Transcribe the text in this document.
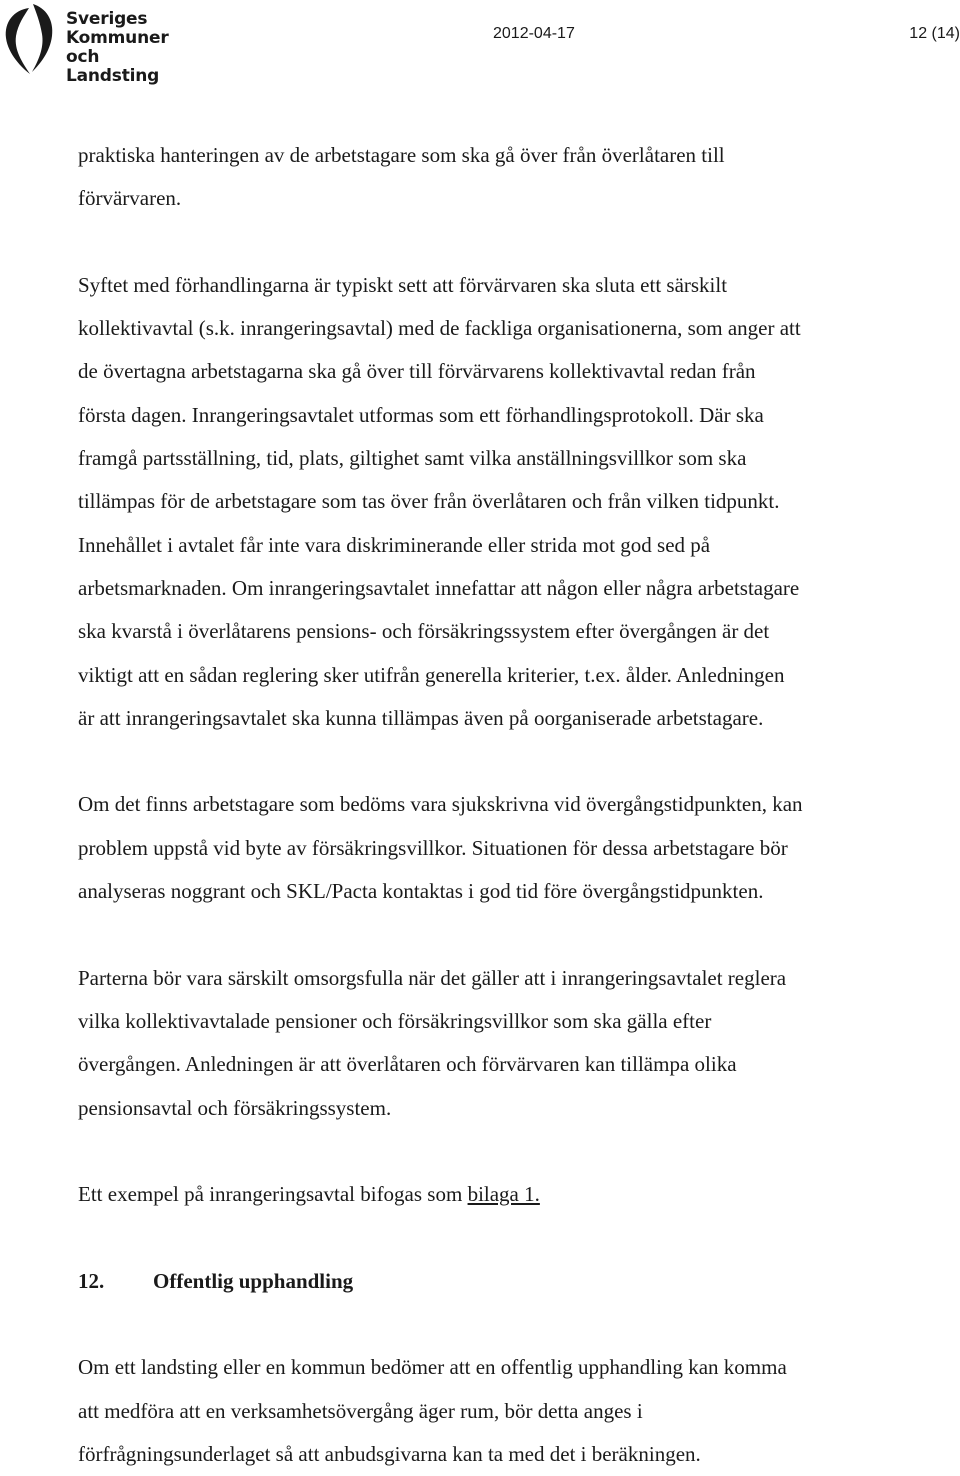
Sveriges
Kommuner
och Landsting
2012-04-17	12 (14)

praktiska hanteringen av de arbetstagare som ska gå över från överlåtaren till
förvärvaren.

Syftet med förhandlingarna är typiskt sett att förvärvaren ska sluta ett särskilt
kollektivavtal (s.k. inrangeringsavtal) med de fackliga organisationerna, som anger att
de övertagna arbetstagarna ska gå över till förvärvarens kollektivavtal redan från
första dagen. Inrangeringsavtalet utformas som ett förhandlingsprotokoll. Där ska
framgå partsställning, tid, plats, giltighet samt vilka anställningsvillkor som ska
tillämpas för de arbetstagare som tas över från överlåtaren och från vilken tidpunkt.
Innehållet i avtalet får inte vara diskriminerande eller strida mot god sed på
arbetsmarknaden. Om inrangeringsavtalet innefattar att någon eller några arbetstagare
ska kvarstå i överlåtarens pensions- och försäkringssystem efter övergången är det
viktigt att en sådan reglering sker utifrån generella kriterier, t.ex. ålder. Anledningen
är att inrangeringsavtalet ska kunna tillämpas även på oorganiserade arbetstagare.

Om det finns arbetstagare som bedöms vara sjukskrivna vid övergångstidpunkten, kan
problem uppstå vid byte av försäkringsvillkor. Situationen för dessa arbetstagare bör
analyseras noggrant och SKL/Pacta kontaktas i god tid före övergångstidpunkten.

Parterna bör vara särskilt omsorgsfulla när det gäller att i inrangeringsavtalet reglera
vilka kollektivavtalade pensioner och försäkringsvillkor som ska gälla efter
övergången. Anledningen är att överlåtaren och förvärvaren kan tillämpa olika
pensionsavtal och försäkringssystem.

Ett exempel på inrangeringsavtal bifogas som bilaga 1.

12. Offentlig upphandling

Om ett landsting eller en kommun bedömer att en offentlig upphandling kan komma
att medföra att en verksamhetsövergång äger rum, bör detta anges i
förfrågningsunderlaget så att anbudsgivarna kan ta med det i beräkningen.
